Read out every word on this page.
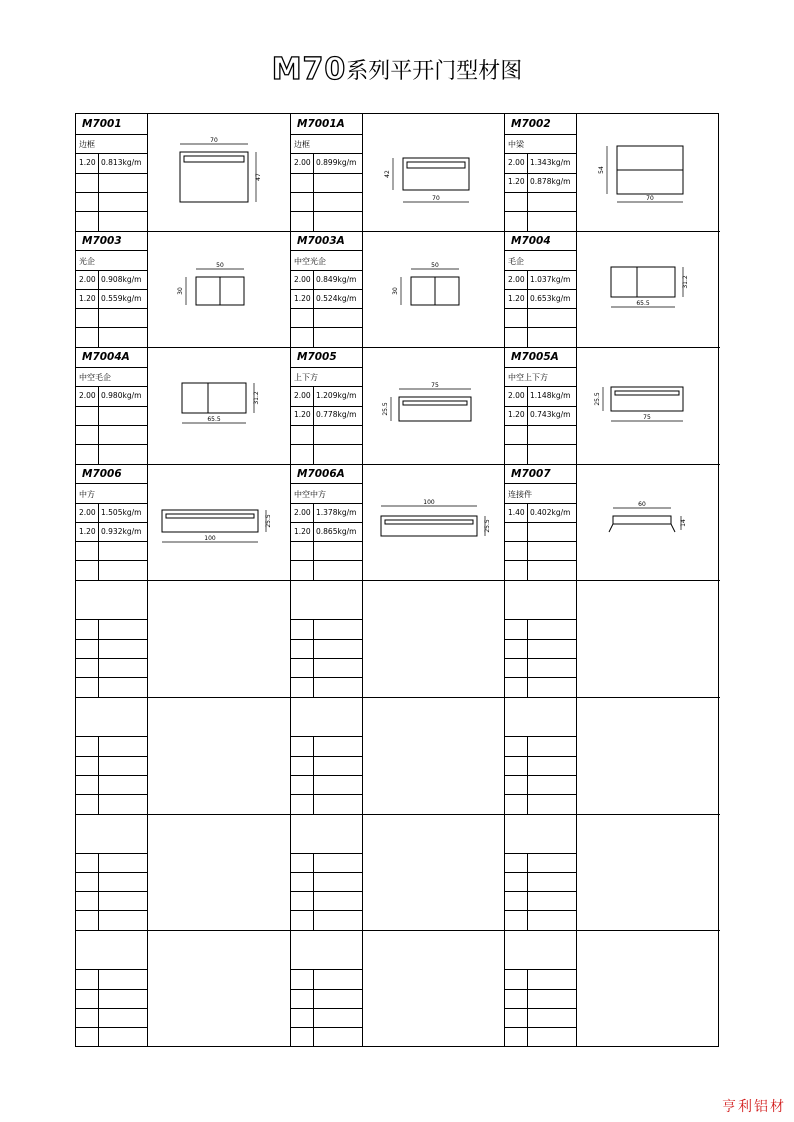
M70系列平开门型材图
M7001
边框
1.20 0.813kg/m
70
47
M7001A
边框
2.00 0.899kg/m
42
70
M7002
中梁
2.00 1.343kg/m
1.20 0.878kg/m
54
70
M7003
光企
2.00 0.908kg/m
1.20 0.559kg/m
50
30
M7003A
中空光企
2.00 0.849kg/m
1.20 0.524kg/m
50
30
M7004
毛企
2.00 1.037kg/m
1.20 0.653kg/m
31.2
65.5
M7004A
中空毛企
2.00 0.980kg/m	31.2
65.5
M7005
上下方
2.00 1.209kg/m
1.20 0.778kg/m
75
25.5
M7005A
中空上下方
2.00 1.148kg/m
1.20 0.743kg/m
25.5
75
M7006
中方
2.00 1.505kg/m
1.20 0.932kg/m
25.5
100
M7006A
中空中方
2.00 1.378kg/m
1.20 0.865kg/m
100
25.5
M7007
连接件
1.40 0.402kg/m
60
14
亨利铝材
